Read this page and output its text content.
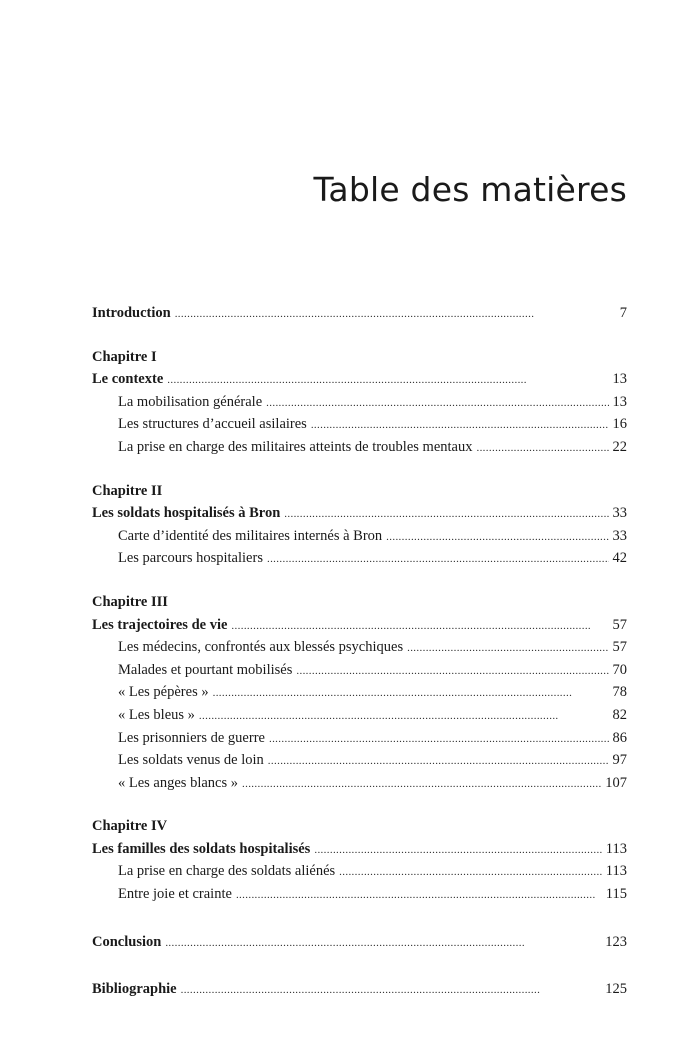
Table des matières
Introduction . . .	7
Chapitre I
Le contexte . . .	13
La mobilisation générale . . .	13
Les structures d’accueil asilaires . . .	16
La prise en charge des militaires atteints de troubles mentaux . . .	22
Chapitre II
Les soldats hospitalisés à Bron . . .	33
Carte d’identité des militaires internés à Bron . . .	33
Les parcours hospitaliers . . .	42
Chapitre III
Les trajectoires de vie . . .	57
Les médecins, confrontés aux blessés psychiques . . .	57
Malades et pourtant mobilisés . . .	70
« Les pépères » . . .	78
« Les bleus » . . .	82
Les prisonniers de guerre . . .	86
Les soldats venus de loin . . .	97
« Les anges blancs » . . .	107
Chapitre IV
Les familles des soldats hospitalisés . . .	113
La prise en charge des soldats aliénés . . .	113
Entre joie et crainte . . .	115
Conclusion . . .	123
Bibliographie . . .	125
